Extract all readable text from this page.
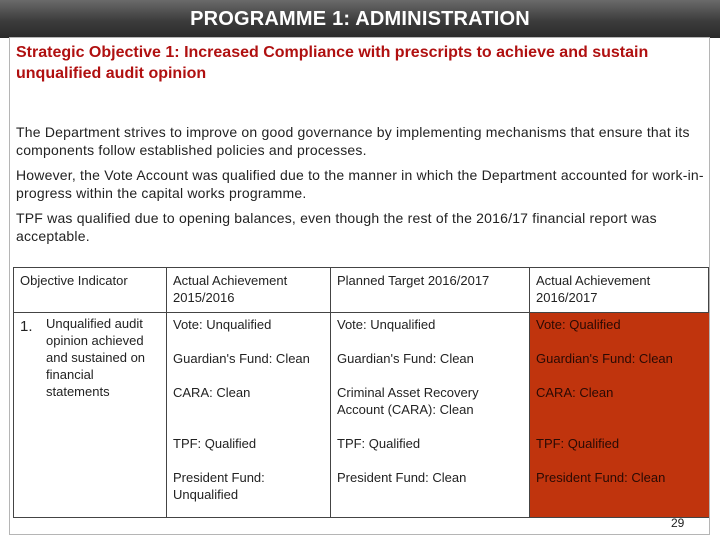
PROGRAMME 1: ADMINISTRATION
Strategic Objective 1: Increased Compliance with prescripts to achieve and sustain unqualified audit opinion
The Department strives to improve on good governance by implementing mechanisms that ensure that its components follow established policies and processes.
However, the Vote Account was qualified due to the manner in which the Department accounted for work-in-progress within the capital works programme.
TPF was qualified due to opening balances, even though the rest of the 2016/17 financial report was acceptable.
Objective Indicator	Actual Achievement 2015/2016	Planned Target 2016/2017	Actual Achievement 2016/2017
1. Unqualified audit opinion achieved and sustained on financial statements	Vote: Unqualified	Vote: Unqualified	Vote: Qualified
	Guardian's Fund: Clean	Guardian's Fund: Clean	Guardian's Fund: Clean
	CARA: Clean	Criminal Asset Recovery Account (CARA): Clean	CARA: Clean
	TPF: Qualified	TPF: Qualified	TPF: Qualified
	President Fund: Unqualified	President Fund: Clean	President Fund: Clean
29
